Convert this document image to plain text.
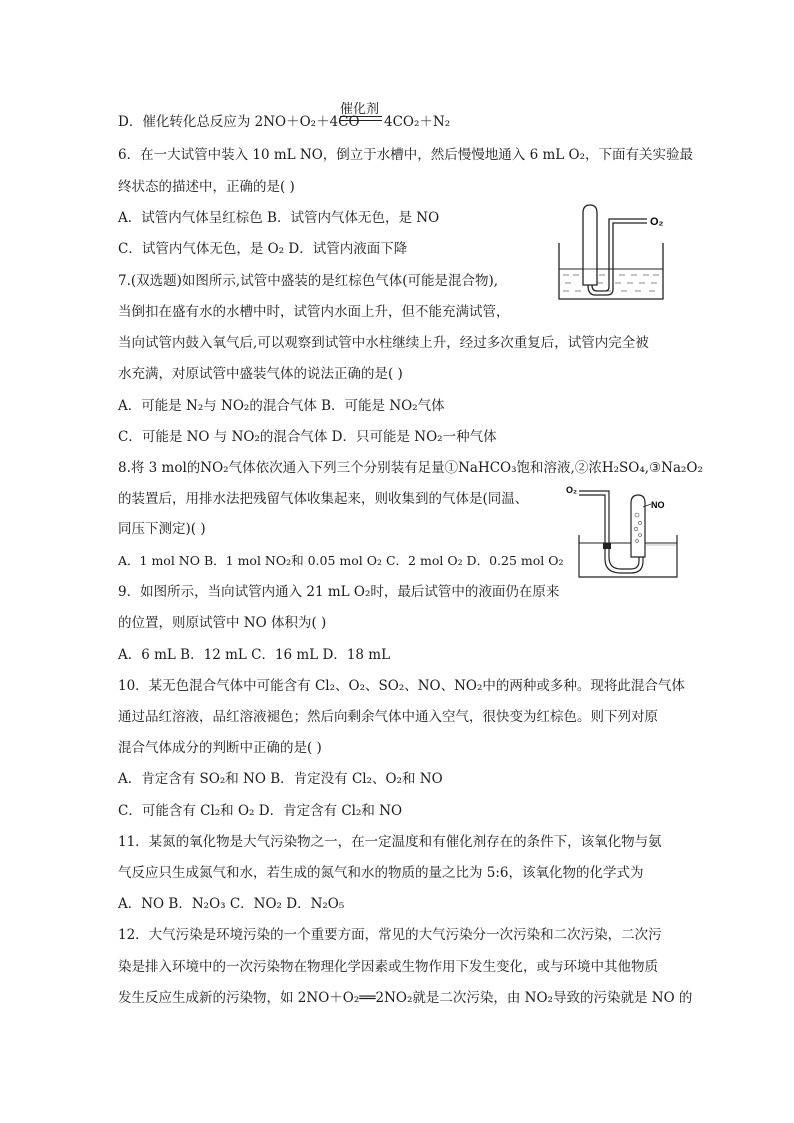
D．催化转化总反应为 2NO＋O₂＋4CO
催化剂
4CO₂＋N₂
6．在一大试管中装入 10 mL NO，倒立于水槽中，然后慢慢地通入 6 mL O₂，下面有关实验最
终状态的描述中，正确的是( )
A．试管内气体呈红棕色 B．试管内气体无色，是 NO
C．试管内气体无色，是 O₂ D．试管内液面下降
O₂
7.(双选题)如图所示,试管中盛装的是红棕色气体(可能是混合物),
当倒扣在盛有水的水槽中时，试管内水面上升，但不能充满试管，
当向试管内鼓入氧气后,可以观察到试管中水柱继续上升，经过多次重复后，试管内完全被
水充满，对原试管中盛装气体的说法正确的是( )
A．可能是 N₂与 NO₂的混合气体 B．可能是 NO₂气体
C．可能是 NO 与 NO₂的混合气体 D．只可能是 NO₂一种气体
8.将 3 mol的NO₂气体依次通入下列三个分别装有足量①NaHCO₃饱和溶液,②浓H₂SO₄,③Na₂O₂
的装置后，用排水法把残留气体收集起来，则收集到的气体是(同温、
同压下测定)( )
A．1 mol NO B．1 mol NO₂和 0.05 mol O₂ C．2 mol O₂ D．0.25 mol O₂
O₂
NO
9．如图所示，当向试管内通入 21 mL O₂时，最后试管中的液面仍在原来
的位置，则原试管中 NO 体积为( )
A．6 mL B．12 mL C．16 mL D．18 mL
10．某无色混合气体中可能含有 Cl₂、O₂、SO₂、NO、NO₂中的两种或多种。现将此混合气体
通过品红溶液，品红溶液褪色；然后向剩余气体中通入空气，很快变为红棕色。则下列对原
混合气体成分的判断中正确的是( )
A．肯定含有 SO₂和 NO B．肯定没有 Cl₂、O₂和 NO
C．可能含有 Cl₂和 O₂ D．肯定含有 Cl₂和 NO
11．某氮的氧化物是大气污染物之一，在一定温度和有催化剂存在的条件下，该氧化物与氨
气反应只生成氮气和水，若生成的氮气和水的物质的量之比为 5:6，该氧化物的化学式为
A．NO B．N₂O₃ C．NO₂ D．N₂O₅
12．大气污染是环境污染的一个重要方面，常见的大气污染分一次污染和二次污染，二次污
染是排入环境中的一次污染物在物理化学因素或生物作用下发生变化，或与环境中其他物质
发生反应生成新的污染物，如 2NO＋O₂══2NO₂就是二次污染，由 NO₂导致的污染就是 NO 的
